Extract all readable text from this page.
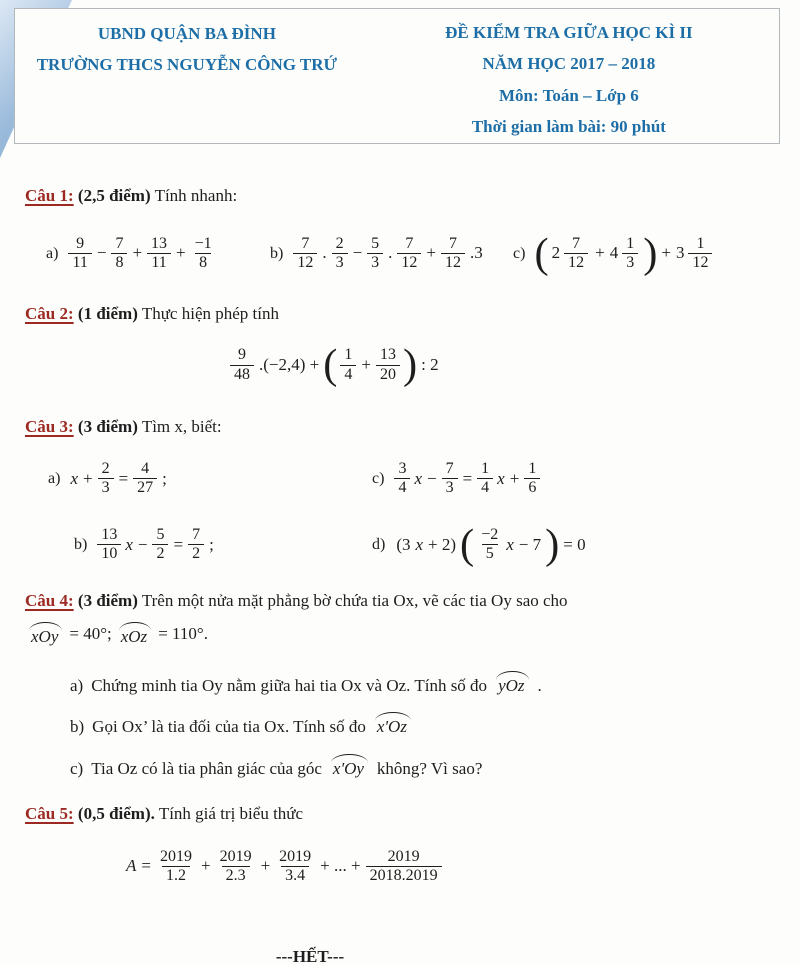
UBND QUẬN BA ĐÌNH
TRƯỜNG THCS NGUYỄN CÔNG TRỨ
ĐỀ KIỂM TRA GIỮA HỌC KÌ II
NĂM HỌC 2017 – 2018
Môn: Toán – Lớp 6
Thời gian làm bài: 90 phút

Câu 1: (2,5 điểm) Tính nhanh:

$a) \frac{9}{11} - \frac{7}{8} + \frac{13}{11} + \frac{-1}{8}$	$b) \frac{7}{12}$ . $\frac{2}{3} - \frac{5}{3}$ . $\frac{7}{12} + \frac{7}{12} .3$ c) ( $2 \frac{7}{12} + 4 \frac{1}{3}$ ) + $3 \frac{1}{12}$

Câu 2: (1 điểm) Thực hiện phép tính

$\frac{9}{48} .(-2,4)$ + ( $\frac{1}{4} + \frac{13}{20}$ ) : 2

Câu 3: (3 điểm) Tìm x, biết:

a) $x + \frac{2}{3} = \frac{4}{27}$ ;	$c) \frac{3}{4}$ $x - \frac{7}{3} = \frac{1}{4}$ $x + \frac{1}{6}$
$b) \frac{13}{10}$ $x - \frac{5}{2} = \frac{7}{2}$ ;	d) (3 x + 2) ( $\frac{-2}{5}$ x − 7 ) = 0

Câu 4: (3 điểm) Trên một nửa mặt phẳng bờ chứa tia Ox, vẽ các tia Oy sao cho

xOy = 40°; xOz = 110°.
a) Chứng minh tia Oy nằm giữa hai tia Ox và Oz. Tính số đo yOz .
b) Gọi Ox’ là tia đối của tia Ox. Tính số đo x'Oz
c) Tia Oz có là tia phân giác của góc x'Oy không? Vì sao?

Câu 5: (0,5 điểm). Tính giá trị biểu thức

$A = \frac{2019}{1.2} + \frac{2019}{2.3} + \frac{2019}{3.4}$ + ... + $\frac{2019}{2018.2019}$
---HẾT---
